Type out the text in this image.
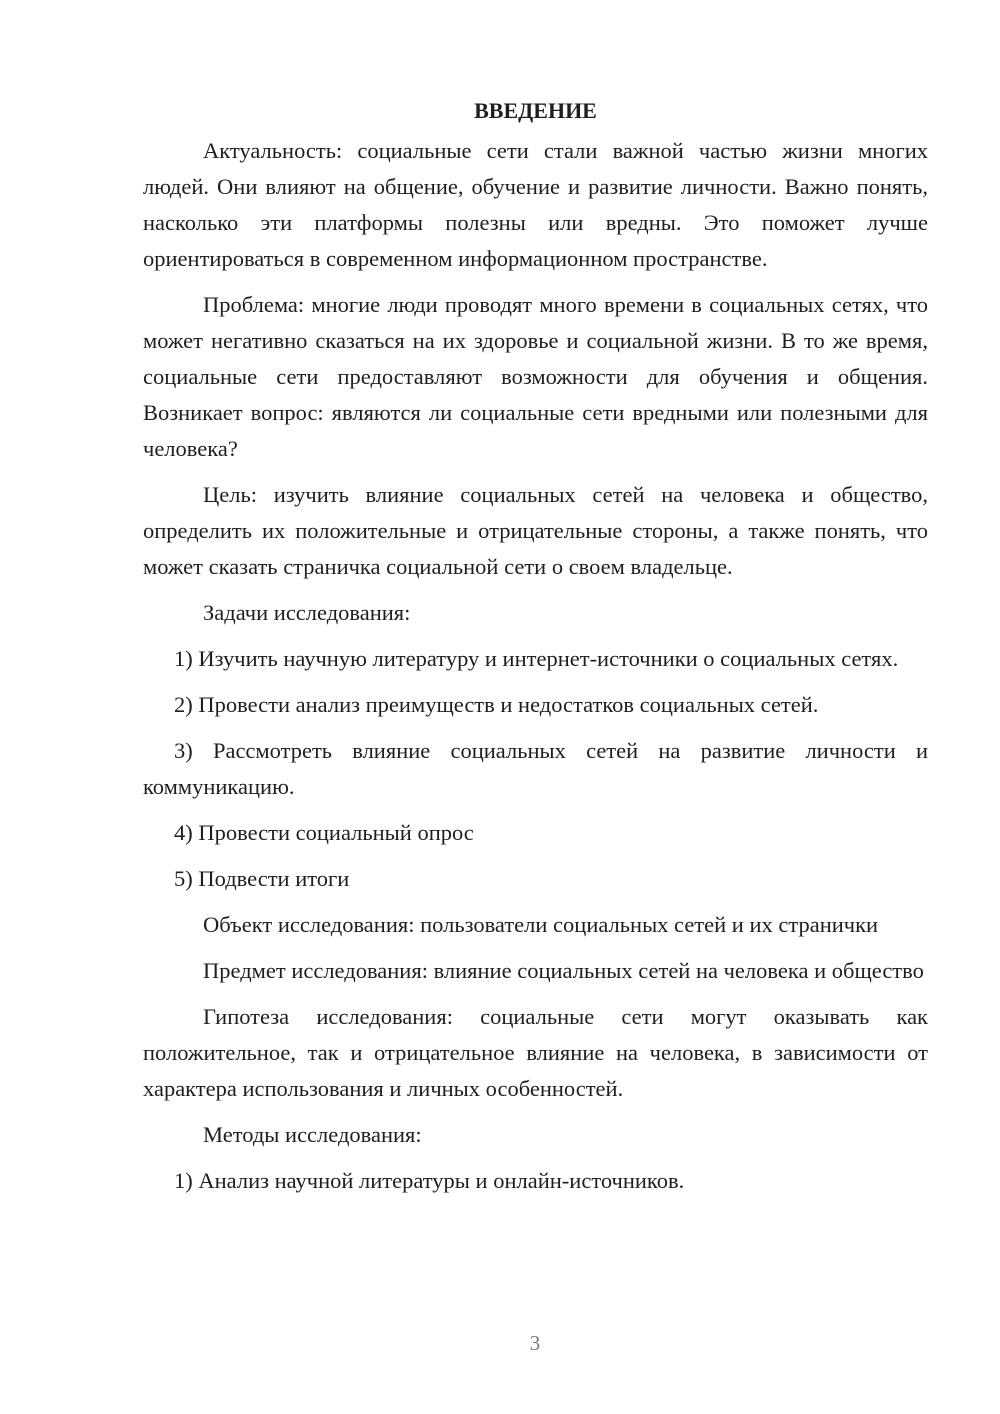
ВВЕДЕНИЕ

Актуальность: социальные сети стали важной частью жизни многих людей. Они влияют на общение, обучение и развитие личности. Важно понять, насколько эти платформы полезны или вредны. Это поможет лучше ориентироваться в современном информационном пространстве.

Проблема: многие люди проводят много времени в социальных сетях, что может негативно сказаться на их здоровье и социальной жизни. В то же время, социальные сети предоставляют возможности для обучения и общения. Возникает вопрос: являются ли социальные сети вредными или полезными для человека?

Цель: изучить влияние социальных сетей на человека и общество, определить их положительные и отрицательные стороны, а также понять, что может сказать страничка социальной сети о своем владельце.

Задачи исследования:

1) Изучить научную литературу и интернет-источники о социальных сетях.

2) Провести анализ преимуществ и недостатков социальных сетей.

3) Рассмотреть влияние социальных сетей на развитие личности и коммуникацию.

4) Провести социальный опрос

5) Подвести итоги

Объект исследования: пользователи социальных сетей и их странички

Предмет исследования: влияние социальных сетей на человека и общество

Гипотеза исследования: социальные сети могут оказывать как положительное, так и отрицательное влияние на человека, в зависимости от характера использования и личных особенностей.

Методы исследования:

1) Анализ научной литературы и онлайн-источников.

3
